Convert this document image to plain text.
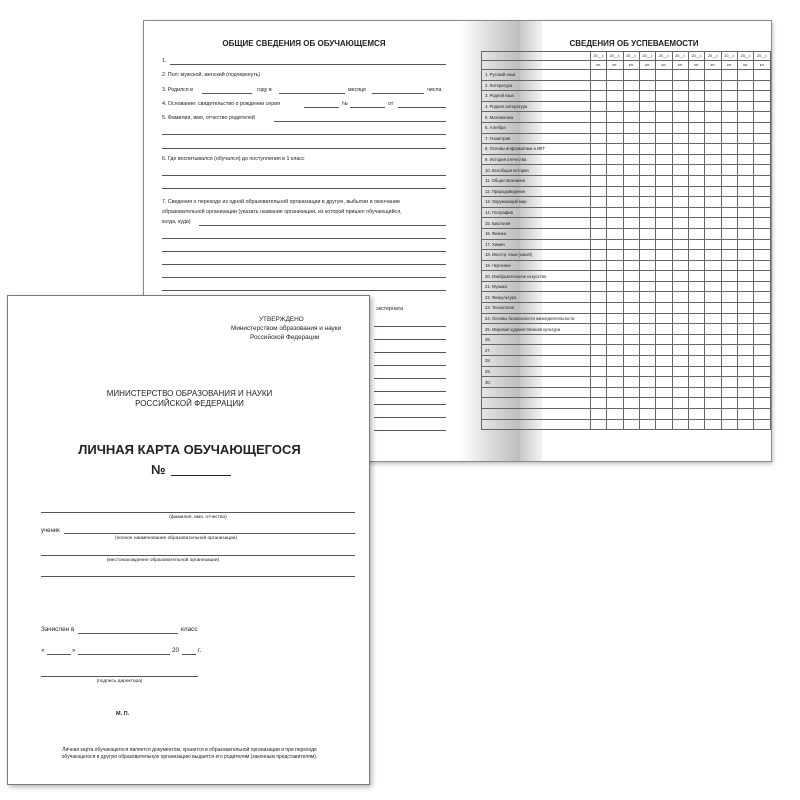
ОБЩИЕ СВЕДЕНИЯ ОБ ОБУЧАЮЩЕМСЯ
1.
2. Пол: мужской, женский (подчеркнуть)
3. Родился в	году в	месяце	числа
4. Основание: свидетельство о рождении серия	№	от
5. Фамилия, имя, отчество родителей
6. Где воспитывался (обучался) до поступления в 1 класс
7. Сведения о переходе из одной образовательной организации в другую, выбытии и окончании
образовательной организации (указать название организации, из которой пришел обучающийся,
когда, куда)
экстерната
СВЕДЕНИЯ ОБ УСПЕВАЕМОСТИ
	20__г.	20__г.	20__г.	20__г.	20__г.	20__г.	20__г.	20__г.	20__г.	20__г.	20__г.
	кл.	кл.	кл.	кл.	кл.	кл.	кл.	кл.	кл.	кл.	кл.
1. Русский язык											
2. Литература											
3. Родной язык											
4. Родная литература											
5. Математика											
6. Алгебра											
7. Геометрия											
8. Основы информатики и ИКТ											
9. История отечества											
10. Всеобщая история											
11. Обществознание											
12. Природоведение											
13. Окружающий мир											
14. География											
15. Биология											
16. Физика											
17. Химия											
18. Иностр. язык (какой)											
19. Черчение											
20. Изобразительное искусство											
21. Музыка											
22. Физкультура											
23. Технология											
24. Основы безопасности жизнедеятельности											
25. Мировая художественная культура											
26.											
27.											
28.											
29.											
30.											

УТВЕРЖДЕНО
Министерством образования и науки
Российской Федерации
МИНИСТЕРСТВО ОБРАЗОВАНИЯ И НАУКИ
РОССИЙСКОЙ ФЕДЕРАЦИИ
ЛИЧНАЯ КАРТА ОБУЧАЮЩЕГОСЯ
№
(фамилия, имя, отчество)
ученик
(полное наименование образовательной организации)
(местонахождение образовательной организации)
Зачислен в	класс
«	»	20	г.
(подпись директора)
М. П.
Личная карта обучающегося является документом, хранится в образовательной организации и при переходе
обучающегося в другую образовательную организацию выдается его родителям (законным представителям).
